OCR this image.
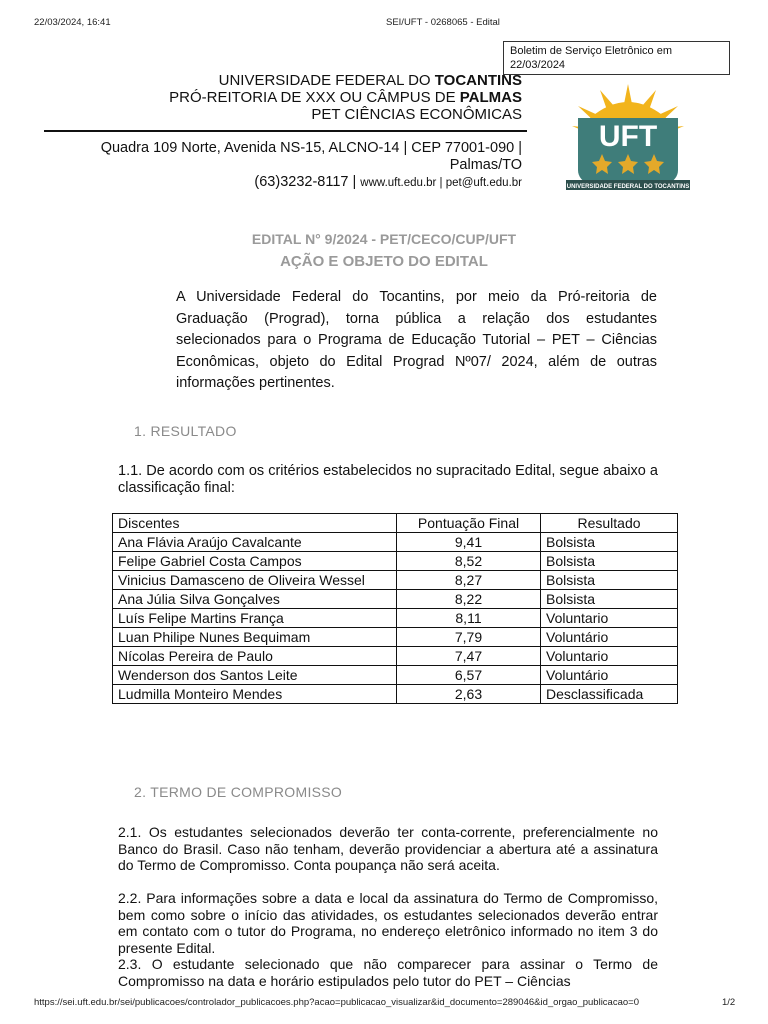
22/03/2024, 16:41	SEI/UFT - 0268065 - Edital
Boletim de Serviço Eletrônico em
22/03/2024
UNIVERSIDADE FEDERAL DO TOCANTINS
PRÓ-REITORIA DE XXX OU CÂMPUS DE PALMAS
PET CIÊNCIAS ECONÔMICAS
Quadra 109 Norte, Avenida NS-15, ALCNO-14 | CEP 77001-090 |
Palmas/TO
(63)3232-8117 | www.uft.edu.br | pet@uft.edu.br
UFT
UNIVERSIDADE FEDERAL DO TOCANTINS
EDITAL N° 9/2024 - PET/CECO/CUP/UFT
AÇÃO E OBJETO DO EDITAL
A Universidade Federal do Tocantins, por meio da Pró-reitoria de Graduação (Prograd), torna pública a relação dos estudantes selecionados para o Programa de Educação Tutorial – PET – Ciências Econômicas, objeto do Edital Prograd Nº07/ 2024, além de outras informações pertinentes.
1. RESULTADO
1.1. De acordo com os critérios estabelecidos no supracitado Edital, segue abaixo a classificação final:
Discentes	Pontuação Final	Resultado
Ana Flávia Araújo Cavalcante	9,41	Bolsista
Felipe Gabriel Costa Campos	8,52	Bolsista
Vinicius Damasceno de Oliveira Wessel	8,27	Bolsista
Ana Júlia Silva Gonçalves	8,22	Bolsista
Luís Felipe Martins França	8,11	Voluntario
Luan Philipe Nunes Bequimam	7,79	Voluntário
Nícolas Pereira de Paulo	7,47	Voluntario
Wenderson dos Santos Leite	6,57	Voluntário
Ludmilla Monteiro Mendes	2,63	Desclassificada
2. TERMO DE COMPROMISSO
2.1. Os estudantes selecionados deverão ter conta-corrente, preferencialmente no Banco do Brasil. Caso não tenham, deverão providenciar a abertura até a assinatura do Termo de Compromisso. Conta poupança não será aceita.
2.2. Para informações sobre a data e local da assinatura do Termo de Compromisso, bem como sobre o início das atividades, os estudantes selecionados deverão entrar em contato com o tutor do Programa, no endereço eletrônico informado no item 3 do presente Edital.
2.3. O estudante selecionado que não comparecer para assinar o Termo de Compromisso na data e horário estipulados pelo tutor do PET – Ciências
https://sei.uft.edu.br/sei/publicacoes/controlador_publicacoes.php?acao=publicacao_visualizar&id_documento=289046&id_orgao_publicacao=0	1/2
